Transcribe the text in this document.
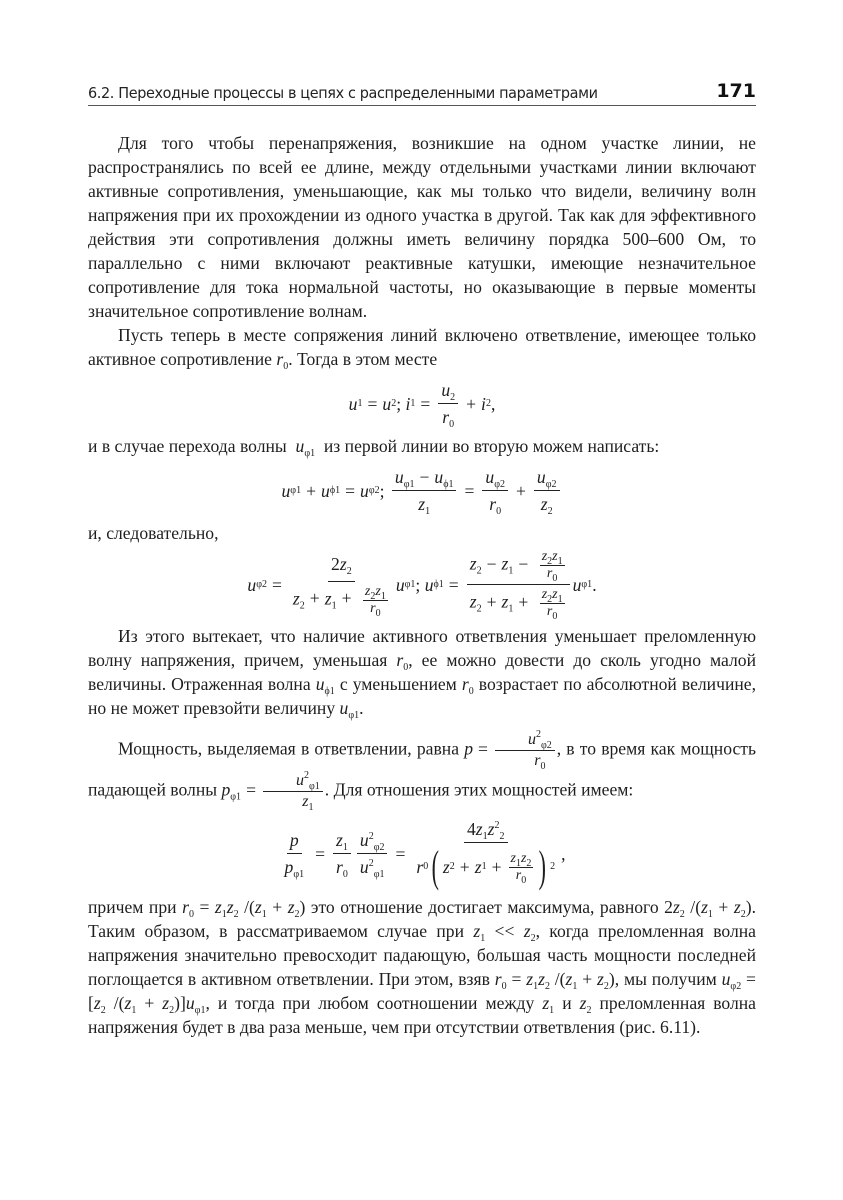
6.2. Переходные процессы в цепях с распределенными параметрами	171

Для того чтобы перенапряжения, возникшие на одном участке линии, не распространялись по всей ее длине, между отдельными участками линии включают активные сопротивления, уменьшающие, как мы только что видели, величину волн напряжения при их прохождении из одного участка в другой. Так как для эффективного действия эти сопротивления должны иметь величину порядка 500–600 Ом, то параллельно с ними включают реактивные катушки, имеющие незначительное сопротивление для тока нормальной частоты, но оказывающие в первые моменты значительное сопротивление волнам.

Пусть теперь в месте сопряжения линий включено ответвление, имеющее только активное сопротивление $r_0$. Тогда в этом месте

u 1 = u 2 ; i $1 = \frac{u_2}{r_0} + i$ 2 ,

и в случае перехода волны $u_{\varphi 1}$ из первой линии во вторую можем написать:

u φ1 + u ϕ1 = u φ2 ; $\frac{u_{\varphi 1} - u_{\phi 1}}{z_1} = \frac{u_{\varphi 2}}{r_0} + \frac{u_{\varphi 2}}{z_2}$

и, следовательно,

u $\varphi 2 = \frac{2z_2}{z_2 + z_1 + \frac{z_2z_1}{r_0}}$ u φ1 ; u $\phi 1 = \frac{z_2 - z_1 - \frac{z_2z_1}{r_0}}{z_2 + z_1 + \frac{z_2z_1}{r_0}}$ u φ1 .

Из этого вытекает, что наличие активного ответвления уменьшает преломленную волну напряжения, причем, уменьшая $r_0$, ее можно довести до сколь угодно малой величины. Отраженная волна $u_{\phi 1}$ с уменьшением $r_0$ возрастает по абсолютной величине, но не может превзойти величину $u_{\varphi 1}$.

Мощность, выделяемая в ответвлении, равна $p = \frac{u^2_{\varphi 2}}{r_0}$ , в то время как мощность падающей волны $p_{\varphi 1} = \frac{u^2_{\varphi 1}}{z_1}$ . Для отношения этих мощностей имеем:

$\frac{p}{p_{\varphi 1}} = \frac{z_1}{r_0} \frac{u^2_{\varphi 2}}{u^2_{\varphi 1}} = \frac{4z_1z^2_2}{r 0 ( z 2 + z 1 + \frac{z_1z_2}{r_0} ) 2}$ ,

причем при $r_0 = z_1z_2$ $/(z_1 + z_2)$ это отношение достигает максимума, равного $2z_2$ $/(z_1 + z_2)$. Таким образом, в рассматриваемом случае при $z_1 << z_2$, когда преломленная волна напряжения значительно превосходит падающую, большая часть мощности последней поглощается в активном ответвлении. При этом, взяв $r_0 = z_1z_2$ $/(z_1 + z_2)$, мы получим $u_{\varphi 2} = [z_2$ $/(z_1 + z_2)]u_{\varphi 1}$, и тогда при любом соотношении между $z_1$ и $z_2$ преломленная волна напряжения будет в два раза меньше, чем при отсутствии ответвления (рис. 6.11).
